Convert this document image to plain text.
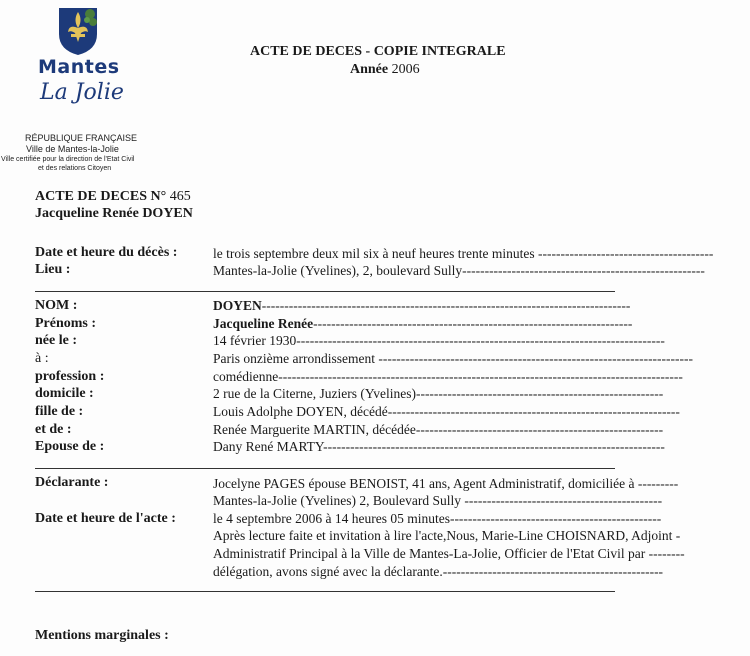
Mantes
La Jolie
RÉPUBLIQUE FRANÇAISE
Ville de Mantes-la-Jolie
Ville certifiée pour la direction de l'Etat Civil
et des relations Citoyen
ACTE DE DECES - COPIE INTEGRALE
Année 2006
ACTE DE DECES N° 465
Jacqueline Renée DOYEN
Date et heure du décès :	le trois septembre deux mil six à neuf heures trente minutes ---------------------------------------
Lieu :	Mantes-la-Jolie (Yvelines), 2, boulevard Sully------------------------------------------------------
NOM :	DOYEN----------------------------------------------------------------------------------
Prénoms :	Jacqueline Renée-----------------------------------------------------------------------
née le :	14 février 1930----------------------------------------------------------------------------------
à :	Paris onzième arrondissement ----------------------------------------------------------------------
profession :	comédienne------------------------------------------------------------------------------------------
domicile :	2 rue de la Citerne, Juziers (Yvelines)-------------------------------------------------------
fille de :	Louis Adolphe DOYEN, décédé-----------------------------------------------------------------
et de :	Renée Marguerite MARTIN, décédée-------------------------------------------------------
Epouse de :	Dany René MARTY----------------------------------------------------------------------------
Déclarante :	Jocelyne PAGES épouse BENOIST, 41 ans, Agent Administratif, domiciliée à ---------
Mantes-la-Jolie (Yvelines) 2, Boulevard Sully --------------------------------------------
Date et heure de l'acte :	le 4 septembre 2006 à 14 heures 05 minutes-----------------------------------------------
Après lecture faite et invitation à lire l'acte,Nous, Marie-Line CHOISNARD, Adjoint -
Administratif Principal à la Ville de Mantes-La-Jolie, Officier de l'Etat Civil par --------
délégation, avons signé avec la déclarante.-------------------------------------------------
Mentions marginales :
